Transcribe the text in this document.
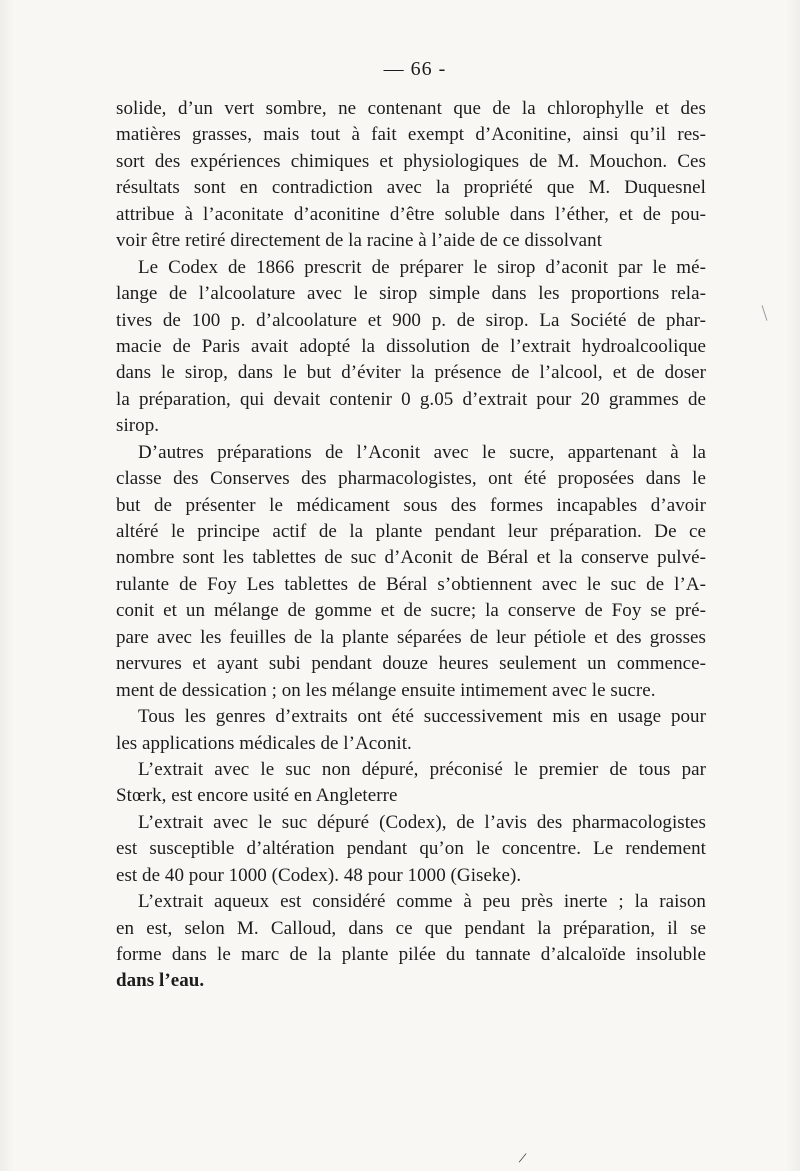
— 66 -
solide, d’un vert sombre, ne contenant que de la chlorophylle et des
matières grasses, mais tout à fait exempt d’Aconitine, ainsi qu’il res-
sort des expériences chimiques et physiologiques de M. Mouchon. Ces
résultats sont en contradiction avec la propriété que M. Duquesnel
attribue à l’aconitate d’aconitine d’être soluble dans l’éther, et de pou-
voir être retiré directement de la racine à l’aide de ce dissolvant
Le Codex de 1866 prescrit de préparer le sirop d’aconit par le mé-
lange de l’alcoolature avec le sirop simple dans les proportions rela-
tives de 100 p. d’alcoolature et 900 p. de sirop. La Société de phar-
macie de Paris avait adopté la dissolution de l’extrait hydroalcoolique
dans le sirop, dans le but d’éviter la présence de l’alcool, et de doser
la préparation, qui devait contenir 0 g.05 d’extrait pour 20 grammes de
sirop.
D’autres préparations de l’Aconit avec le sucre, appartenant à la
classe des Conserves des pharmacologistes, ont été proposées dans le
but de présenter le médicament sous des formes incapables d’avoir
altéré le principe actif de la plante pendant leur préparation. De ce
nombre sont les tablettes de suc d’Aconit de Béral et la conserve pulvé-
rulante de Foy Les tablettes de Béral s’obtiennent avec le suc de l’A-
conit et un mélange de gomme et de sucre; la conserve de Foy se pré-
pare avec les feuilles de la plante séparées de leur pétiole et des grosses
nervures et ayant subi pendant douze heures seulement un commence-
ment de dessication ; on les mélange ensuite intimement avec le sucre.
Tous les genres d’extraits ont été successivement mis en usage pour
les applications médicales de l’Aconit.
L’extrait avec le suc non dépuré, préconisé le premier de tous par
Stœrk, est encore usité en Angleterre
L’extrait avec le suc dépuré (Codex), de l’avis des pharmacologistes
est susceptible d’altération pendant qu’on le concentre. Le rendement
est de 40 pour 1000 (Codex). 48 pour 1000 (Giseke).
L’extrait aqueux est considéré comme à peu près inerte ; la raison
en est, selon M. Calloud, dans ce que pendant la préparation, il se
forme dans le marc de la plante pilée du tannate d’alcaloïde insoluble
dans l’eau.
/
